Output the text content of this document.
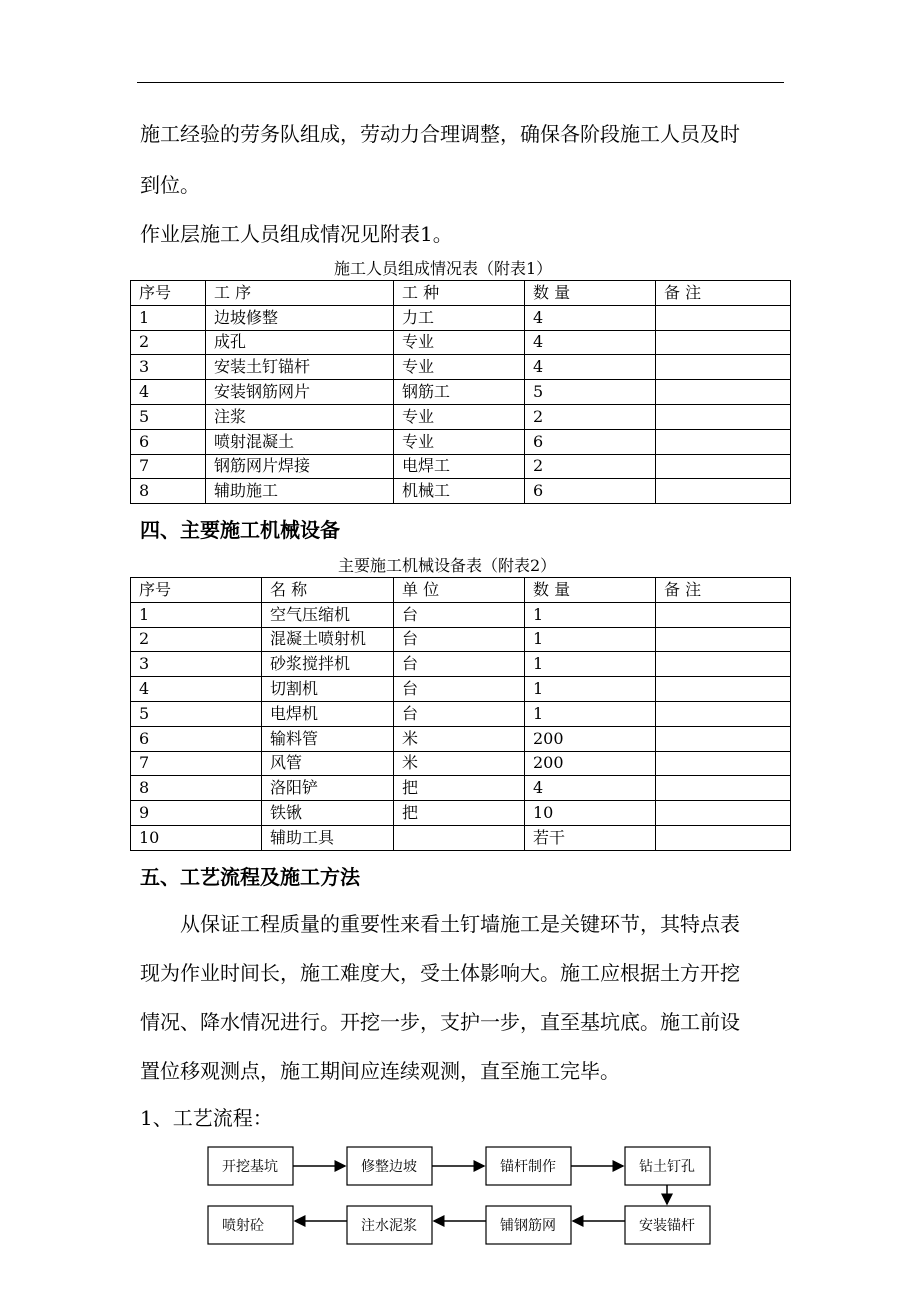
施工经验的劳务队组成，劳动力合理调整，确保各阶段施工人员及时
到位。
作业层施工人员组成情况见附表1。
施工人员组成情况表（附表1）
序号	工 序	工 种	数 量	备 注
1	边坡修整	力工	4	
2	成孔	专业	4	
3	安装土钉锚杆	专业	4	
4	安装钢筋网片	钢筋工	5	
5	注浆	专业	2	
6	喷射混凝土	专业	6	
7	钢筋网片焊接	电焊工	2	
8	辅助施工	机械工	6	
四、主要施工机械设备
主要施工机械设备表（附表2）
序号	名 称	单 位	数 量	备 注
1	空气压缩机	台	1	
2	混凝土喷射机	台	1	
3	砂浆搅拌机	台	1	
4	切割机	台	1	
5	电焊机	台	1	
6	输料管	米	200	
7	风管	米	200	
8	洛阳铲	把	4	
9	铁锹	把	10	
10	辅助工具		若干	
五、工艺流程及施工方法
从保证工程质量的重要性来看土钉墙施工是关键环节，其特点表
现为作业时间长，施工难度大，受土体影响大。施工应根据土方开挖
情况、降水情况进行。开挖一步，支护一步，直至基坑底。施工前设
置位移观测点，施工期间应连续观测，直至施工完毕。
1、工艺流程：
开挖基坑	修整边坡	锚杆制作	钻土钉孔
喷射砼	注水泥浆	铺钢筋网	安装锚杆
